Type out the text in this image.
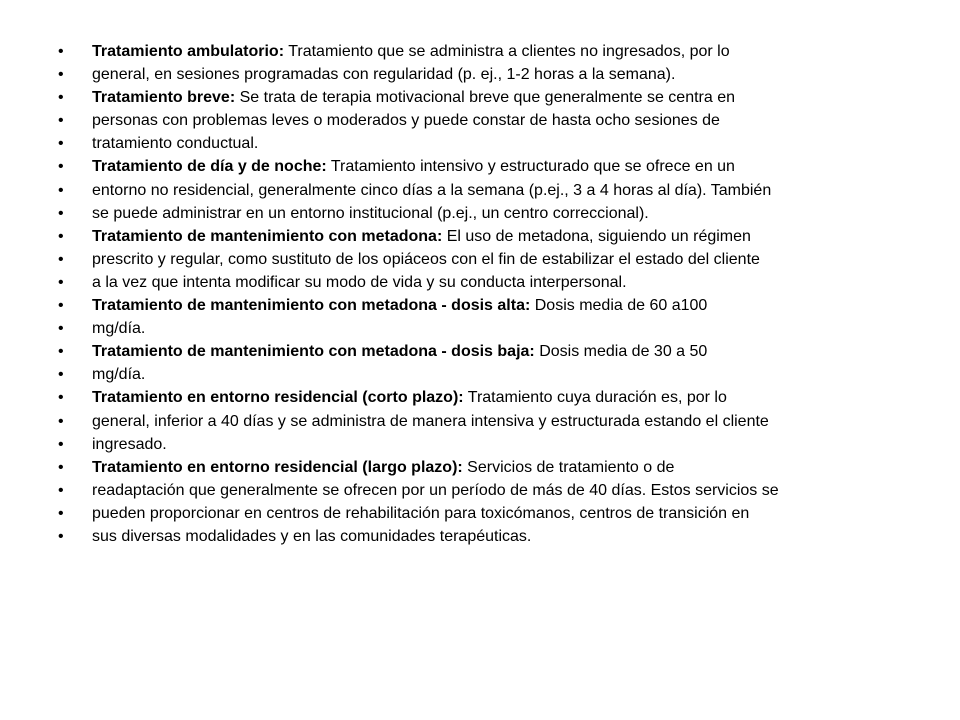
•	Tratamiento ambulatorio: Tratamiento que se administra a clientes no ingresados, por lo
•	general, en sesiones programadas con regularidad (p. ej., 1-2 horas a la semana).
•	Tratamiento breve: Se trata de terapia motivacional breve que generalmente se centra en
•	personas con problemas leves o moderados y puede constar de hasta ocho sesiones de
•	tratamiento conductual.
•	Tratamiento de día y de noche: Tratamiento intensivo y estructurado que se ofrece en un
•	entorno no residencial, generalmente cinco días a la semana (p.ej., 3 a 4 horas al día). También
•	se puede administrar en un entorno institucional (p.ej., un centro correccional).
•	Tratamiento de mantenimiento con metadona: El uso de metadona, siguiendo un régimen
•	prescrito y regular, como sustituto de los opiáceos con el fin de estabilizar el estado del cliente
•	a la vez que intenta modificar su modo de vida y su conducta interpersonal.
•	Tratamiento de mantenimiento con metadona - dosis alta: Dosis media de 60 a100
•	mg/día.
•	Tratamiento de mantenimiento con metadona - dosis baja: Dosis media de 30 a 50
•	mg/día.
•	Tratamiento en entorno residencial (corto plazo): Tratamiento cuya duración es, por lo
•	general, inferior a 40 días y se administra de manera intensiva y estructurada estando el cliente
•	ingresado.
•	Tratamiento en entorno residencial (largo plazo): Servicios de tratamiento o de
•	readaptación que generalmente se ofrecen por un período de más de 40 días. Estos servicios se
•	pueden proporcionar en centros de rehabilitación para toxicómanos, centros de transición en
•	sus diversas modalidades y en las comunidades terapéuticas.
